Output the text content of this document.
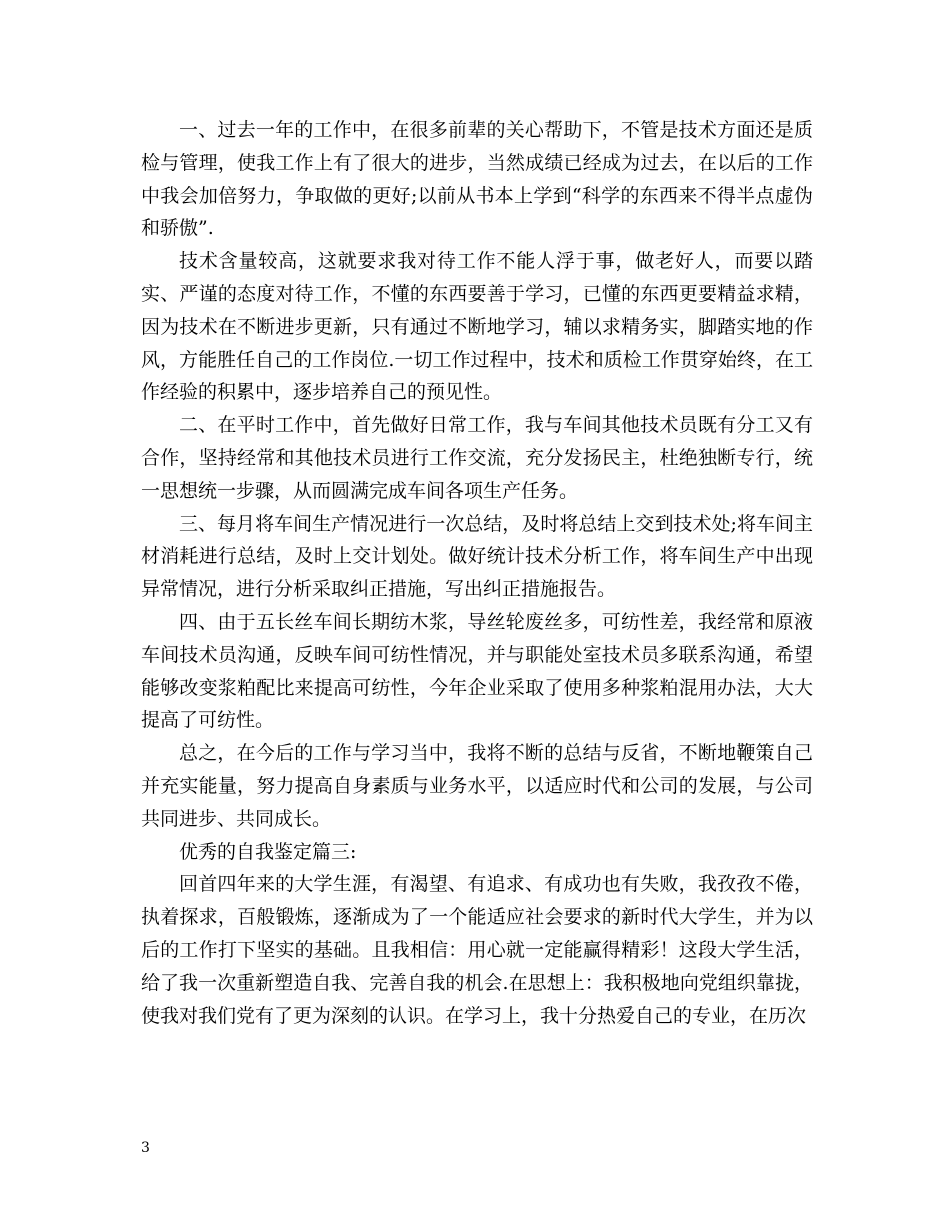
一、过去一年的工作中，在很多前辈的关心帮助下，不管是技术方面还是质检与管理，使我工作上有了很大的进步，当然成绩已经成为过去，在以后的工作中我会加倍努力，争取做的更好;以前从书本上学到“科学的东西来不得半点虚伪和骄傲”.

技术含量较高，这就要求我对待工作不能人浮于事，做老好人，而要以踏实、严谨的态度对待工作，不懂的东西要善于学习，已懂的东西更要精益求精，因为技术在不断进步更新，只有通过不断地学习，辅以求精务实，脚踏实地的作风，方能胜任自己的工作岗位.一切工作过程中，技术和质检工作贯穿始终，在工作经验的积累中，逐步培养自己的预见性。

二、在平时工作中，首先做好日常工作，我与车间其他技术员既有分工又有合作，坚持经常和其他技术员进行工作交流，充分发扬民主，杜绝独断专行，统一思想统一步骤，从而圆满完成车间各项生产任务。

三、每月将车间生产情况进行一次总结，及时将总结上交到技术处;将车间主材消耗进行总结，及时上交计划处。做好统计技术分析工作，将车间生产中出现异常情况，进行分析采取纠正措施，写出纠正措施报告。

四、由于五长丝车间长期纺木浆，导丝轮废丝多，可纺性差，我经常和原液车间技术员沟通，反映车间可纺性情况，并与职能处室技术员多联系沟通，希望能够改变浆粕配比来提高可纺性，今年企业采取了使用多种浆粕混用办法，大大提高了可纺性。

总之，在今后的工作与学习当中，我将不断的总结与反省，不断地鞭策自己并充实能量，努力提高自身素质与业务水平，以适应时代和公司的发展，与公司共同进步、共同成长。

优秀的自我鉴定篇三:

回首四年来的大学生涯，有渴望、有追求、有成功也有失败，我孜孜不倦，执着探求，百般锻炼，逐渐成为了一个能适应社会要求的新时代大学生，并为以后的工作打下坚实的基础。且我相信：用心就一定能赢得精彩！这段大学生活，给了我一次重新塑造自我、完善自我的机会.在思想上：我积极地向党组织靠拢，使我对我们党有了更为深刻的认识。在学习上，我十分热爱自己的专业，在历次

3
